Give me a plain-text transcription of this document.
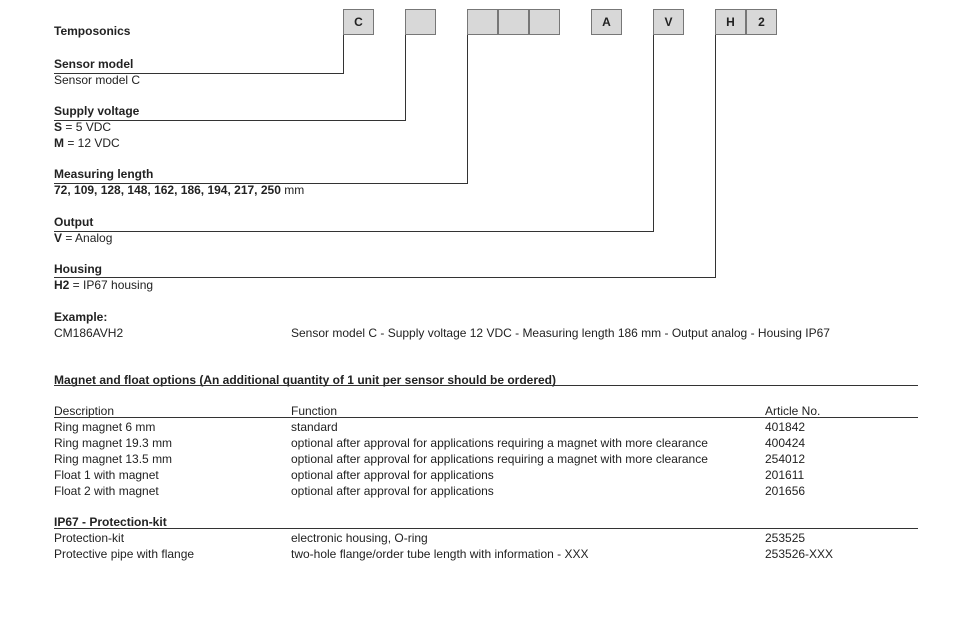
Temposonics
C	A	V	H	2
Sensor model
Sensor model C
Supply voltage
S = 5 VDC
M = 12 VDC
Measuring length
72, 109, 128, 148, 162, 186, 194, 217, 250 mm
Output
V = Analog
Housing
H2 = IP67 housing
Example:
CM186AVH2	Sensor model C - Supply voltage 12 VDC - Measuring length 186 mm - Output analog - Housing IP67
Magnet and float options (An additional quantity of 1 unit per sensor should be ordered)
Description	Function	Article No.
Ring magnet 6 mm	standard	401842
Ring magnet 19.3 mm	optional after approval for applications requiring a magnet with more clearance	400424
Ring magnet 13.5 mm	optional after approval for applications requiring a magnet with more clearance	254012
Float 1 with magnet	optional after approval for applications	201611
Float 2 with magnet	optional after approval for applications	201656
IP67 - Protection-kit
Protection-kit	electronic housing, O-ring	253525
Protective pipe with flange	two-hole flange/order tube length with information - XXX	253526-XXX
